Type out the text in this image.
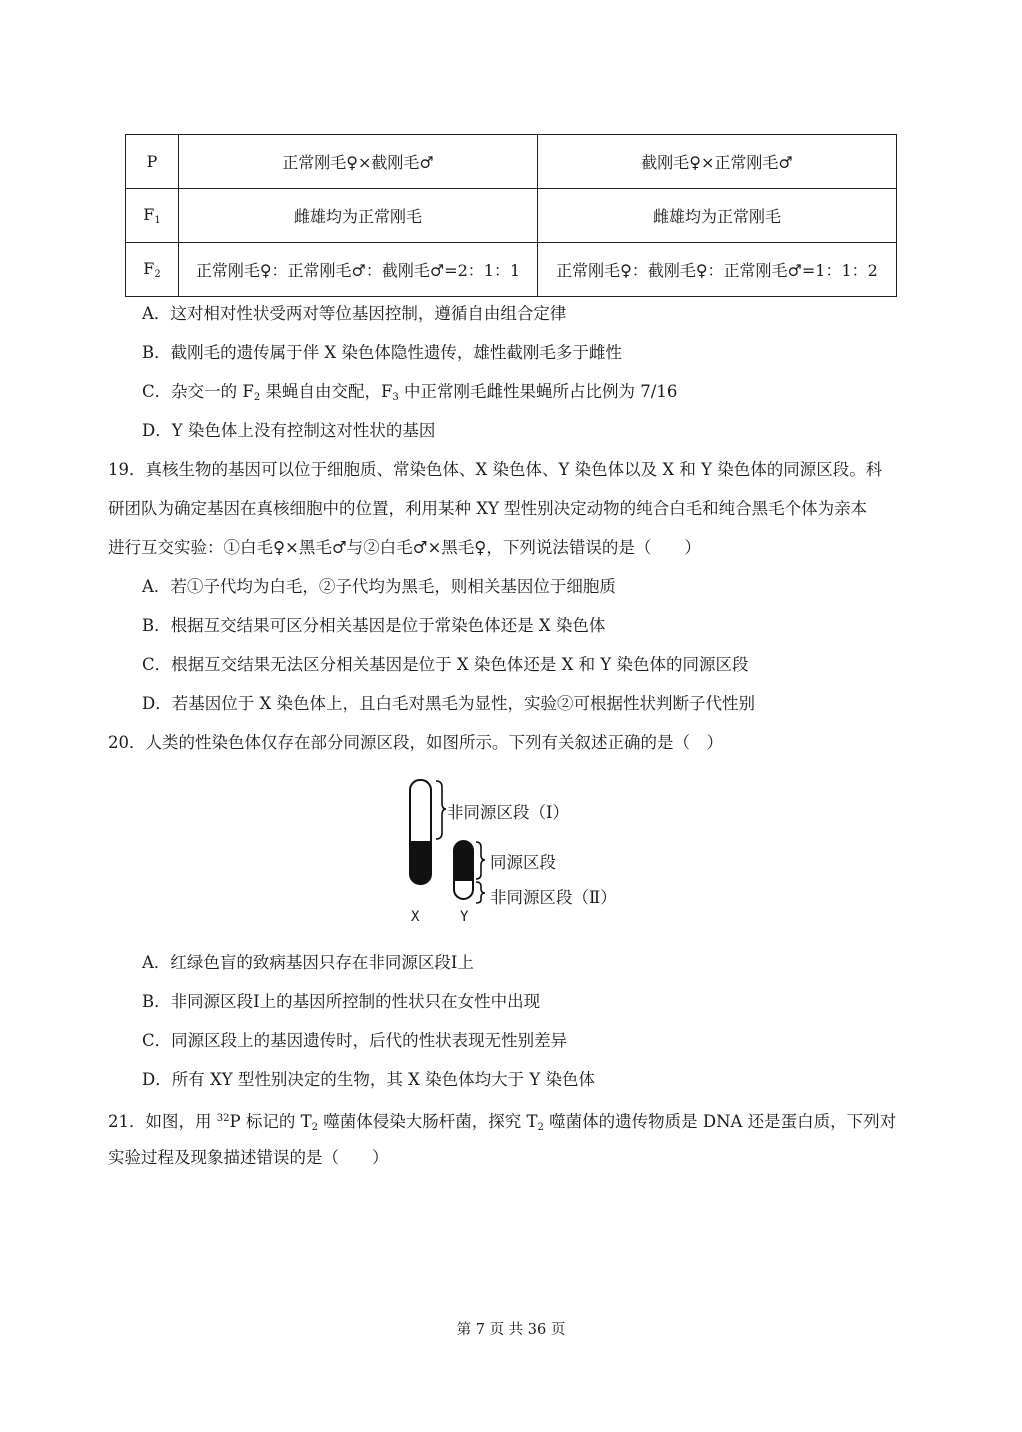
P	正常刚毛♀×截刚毛♂	截刚毛♀×正常刚毛♂
$F_1$	雌雄均为正常刚毛	雌雄均为正常刚毛
$F_2$	正常刚毛♀：正常刚毛♂：截刚毛♂=2：1：1	正常刚毛♀：截刚毛♀：正常刚毛♂=1：1：2
A．这对相对性状受两对等位基因控制，遵循自由组合定律
B．截刚毛的遗传属于伴 X 染色体隐性遗传，雄性截刚毛多于雌性
C．杂交一的 $F_2$ 果蝇自由交配，$F_3$ 中正常刚毛雌性果蝇所占比例为 7/16
D．Y 染色体上没有控制这对性状的基因
19．真核生物的基因可以位于细胞质、常染色体、X 染色体、Y 染色体以及 X 和 Y 染色体的同源区段。科
研团队为确定基因在真核细胞中的位置，利用某种 XY 型性别决定动物的纯合白毛和纯合黑毛个体为亲本
进行互交实验：①白毛♀×黑毛♂与②白毛♂×黑毛♀，下列说法错误的是（　　）
A．若①子代均为白毛，②子代均为黑毛，则相关基因位于细胞质
B．根据互交结果可区分相关基因是位于常染色体还是 X 染色体
C．根据互交结果无法区分相关基因是位于 X 染色体还是 X 和 Y 染色体的同源区段
D．若基因位于 X 染色体上，且白毛对黑毛为显性，实验②可根据性状判断子代性别
20．人类的性染色体仅存在部分同源区段，如图所示。下列有关叙述正确的是（　）
非同源区段（Ⅰ）
同源区段
非同源区段（Ⅱ）
X	Y
A．红绿色盲的致病基因只存在非同源区段Ⅰ上
B．非同源区段Ⅰ上的基因所控制的性状只在女性中出现
C．同源区段上的基因遗传时，后代的性状表现无性别差异
D．所有 XY 型性别决定的生物，其 X 染色体均大于 Y 染色体
21．如图，用 $^{32}$P 标记的 $T_2$ 噬菌体侵染大肠杆菌，探究 $T_2$ 噬菌体的遗传物质是 DNA 还是蛋白质，下列对
实验过程及现象描述错误的是（　　）
第 7 页 共 36 页
